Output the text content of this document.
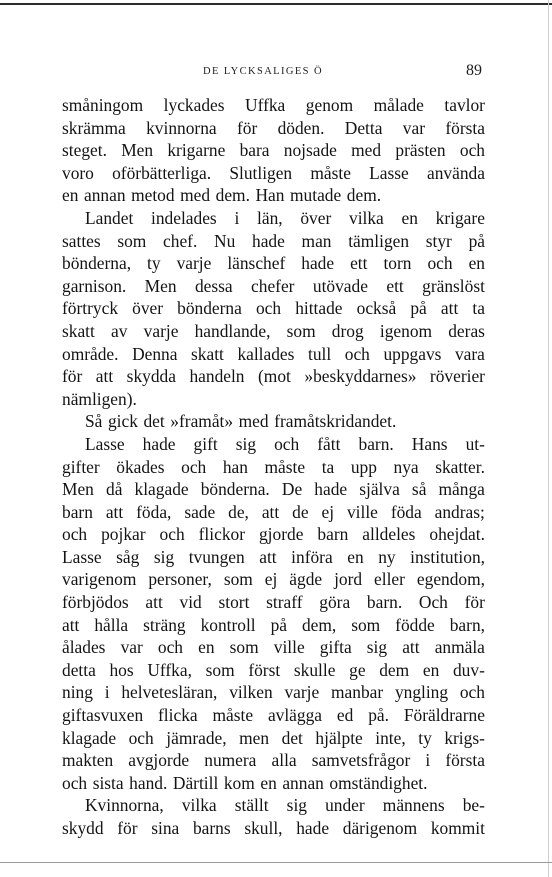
DE LYCKSALIGES Ö	89
småningom lyckades Uffka genom målade tavlor
skrämma kvinnorna för döden. Detta var första
steget. Men krigarne bara nojsade med prästen och
voro oförbätterliga. Slutligen måste Lasse använda
en annan metod med dem. Han mutade dem.
Landet indelades i län, över vilka en krigare
sattes som chef. Nu hade man tämligen styr på
bönderna, ty varje länschef hade ett torn och en
garnison. Men dessa chefer utövade ett gränslöst
förtryck över bönderna och hittade också på att ta
skatt av varje handlande, som drog igenom deras
område. Denna skatt kallades tull och uppgavs vara
för att skydda handeln (mot »beskyddarnes» röverier
nämligen).
Så gick det »framåt» med framåtskridandet.
Lasse hade gift sig och fått barn. Hans ut-
gifter ökades och han måste ta upp nya skatter.
Men då klagade bönderna. De hade själva så många
barn att föda, sade de, att de ej ville föda andras;
och pojkar och flickor gjorde barn alldeles ohejdat.
Lasse såg sig tvungen att införa en ny institution,
varigenom personer, som ej ägde jord eller egendom,
förbjödos att vid stort straff göra barn. Och för
att hålla sträng kontroll på dem, som födde barn,
ålades var och en som ville gifta sig att anmäla
detta hos Uffka, som först skulle ge dem en duv-
ning i helvetesläran, vilken varje manbar yngling och
giftasvuxen flicka måste avlägga ed på. Föräldrarne
klagade och jämrade, men det hjälpte inte, ty krigs-
makten avgjorde numera alla samvetsfrågor i första
och sista hand. Därtill kom en annan omständighet.
Kvinnorna, vilka ställt sig under männens be-
skydd för sina barns skull, hade därigenom kommit
